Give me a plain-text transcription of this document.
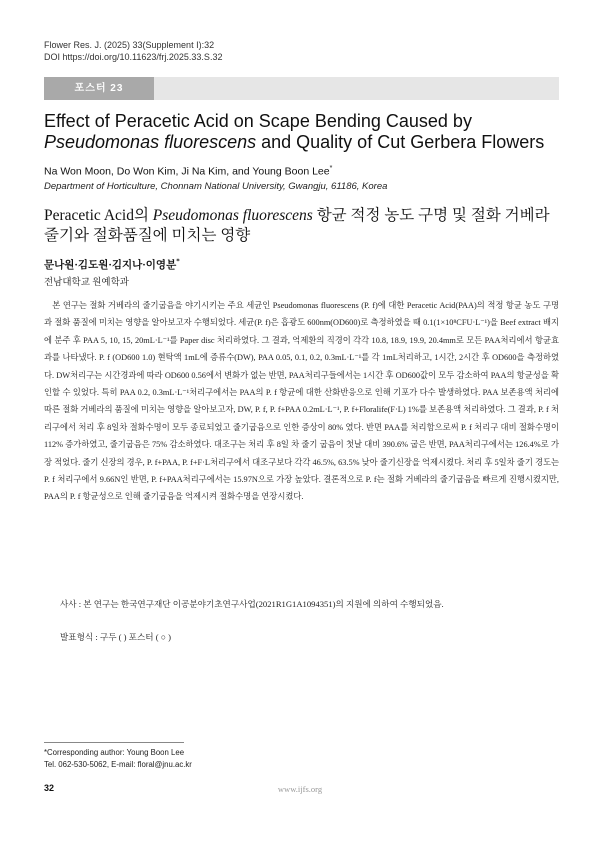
Flower Res. J. (2025) 33(Supplement I):32
DOI https://doi.org/10.11623/frj.2025.33.S.32
포스터 23
Effect of Peracetic Acid on Scape Bending Caused by Pseudomonas fluorescens and Quality of Cut Gerbera Flowers
Na Won Moon, Do Won Kim, Ji Na Kim, and Young Boon Lee*
Department of Horticulture, Chonnam National University, Gwangju, 61186, Korea
Peracetic Acid의 Pseudomonas fluorescens 항균 적정 농도 구명 및 절화 거베라 줄기와 절화품질에 미치는 영향
문나원·김도원·김지나·이영분*
전남대학교 원예학과

 본 연구는 절화 거베라의 줄기굽음을 야기시키는 주요 세균인 Pseudomonas fluorescens (P. f)에 대한 Peracetic Acid(PAA)의 적정 항균 농도 구명과 절화 품질에 미치는 영향을 알아보고자 수행되었다. 세균(P. f)은 흡광도 600nm(OD600)로 측정하였을 때 0.1(1×10⁸CFU·L⁻¹)을 Beef extract 배지에 분주 후 PAA 5, 10, 15, 20mL·L⁻¹를 Paper disc 처리하였다. 그 결과, 억제환의 직경이 각각 10.8, 18.9, 19.9, 20.4mm로 모든 PAA처리에서 항균효과를 나타냈다. P. f (OD600 1.0) 현탁액 1mL에 증류수(DW), PAA 0.05, 0.1, 0.2, 0.3mL·L⁻¹를 각 1mL처리하고, 1시간, 2시간 후 OD600을 측정하였다. DW처리구는 시간경과에 따라 OD600 0.56에서 변화가 없는 반면, PAA처리구들에서는 1시간 후 OD600값이 모두 감소하여 PAA의 항균성을 확인할 수 있었다. 특히 PAA 0.2, 0.3mL·L⁻¹처리구에서는 PAA의 P. f 항균에 대한 산화반응으로 인해 기포가 다수 발생하였다. PAA 보존용액 처리에 따른 절화 거베라의 품질에 미치는 영향을 알아보고자, DW, P. f, P. f+PAA 0.2mL·L⁻¹, P. f+Floralife(F·L) 1%를 보존용액 처리하였다. 그 결과, P. f 처리구에서 처리 후 8일차 절화수명이 모두 종료되었고 줄기굽음으로 인한 증상이 80% 였다. 반면 PAA를 처리함으로써 P. f 처리구 대비 절화수명이 112% 증가하였고, 줄기굽음은 75% 감소하였다. 대조구는 처리 후 8일 차 줄기 굽음이 첫날 대비 390.6% 굽은 반면, PAA처리구에서는 126.4%로 가장 적었다. 줄기 신장의 경우, P. f+PAA, P. f+F·L처리구에서 대조구보다 각각 46.5%, 63.5% 낮아 줄기신장을 억제시켰다. 처리 후 5일차 줄기 경도는 P. f 처리구에서 9.66N인 반면, P. f+PAA처리구에서는 15.97N으로 가장 높았다. 결론적으로 P. f는 절화 거베라의 줄기굽음을 빠르게 진행시켰지만, PAA의 P. f 항균성으로 인해 줄기굽음을 억제시켜 절화수명을 연장시켰다.

사사 : 본 연구는 한국연구재단 이공분야기초연구사업(2021R1G1A1094351)의 지원에 의하여 수행되었음.
발표형식 : 구두 ( ) 포스터 ( ○ )
*Corresponding author: Young Boon Lee
Tel. 062-530-5062, E-mail: floral@jnu.ac.kr
32	www.ijfs.org
